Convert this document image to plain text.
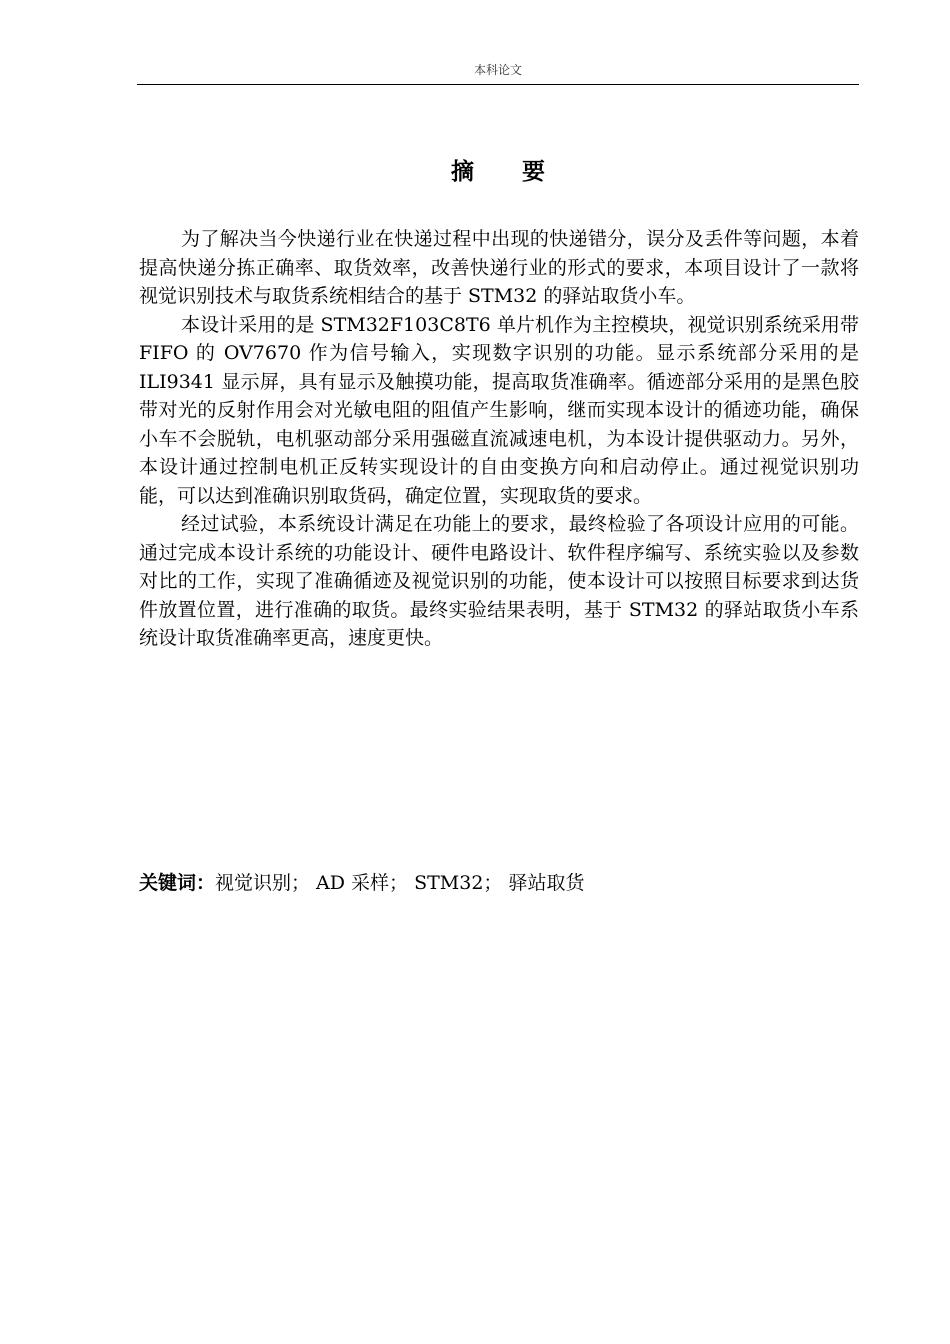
本科论文
摘 要

为了解决当今快递行业在快递过程中出现的快递错分，误分及丢件等问题，本着提高快递分拣正确率、取货效率，改善快递行业的形式的要求，本项目设计了一款将视觉识别技术与取货系统相结合的基于 STM32 的驿站取货小车。

本设计采用的是 STM32F103C8T6 单片机作为主控模块，视觉识别系统采用带 FIFO 的 OV7670 作为信号输入，实现数字识别的功能。显示系统部分采用的是 ILI9341 显示屏，具有显示及触摸功能，提高取货准确率。循迹部分采用的是黑色胶带对光的反射作用会对光敏电阻的阻值产生影响，继而实现本设计的循迹功能，确保小车不会脱轨，电机驱动部分采用强磁直流减速电机，为本设计提供驱动力。另外，本设计通过控制电机正反转实现设计的自由变换方向和启动停止。通过视觉识别功能，可以达到准确识别取货码，确定位置，实现取货的要求。

经过试验，本系统设计满足在功能上的要求，最终检验了各项设计应用的可能。通过完成本设计系统的功能设计、硬件电路设计、软件程序编写、系统实验以及参数对比的工作，实现了准确循迹及视觉识别的功能，使本设计可以按照目标要求到达货件放置位置，进行准确的取货。最终实验结果表明，基于 STM32 的驿站取货小车系统设计取货准确率更高，速度更快。

关键词：视觉识别； AD 采样； STM32； 驿站取货
